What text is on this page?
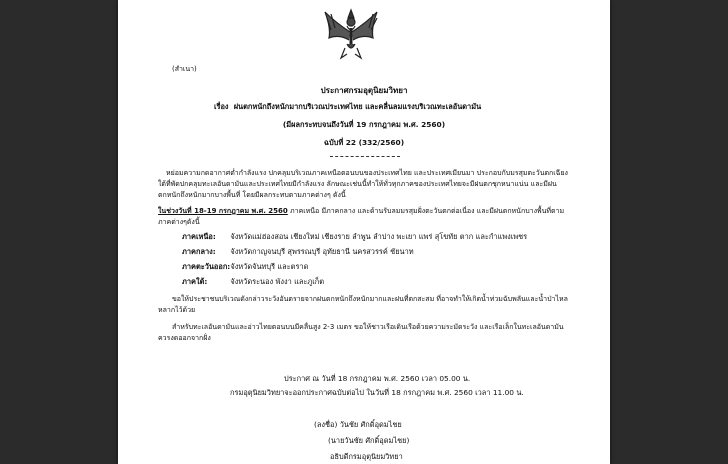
(สำเนา)
ประกาศกรมอุตุนิยมวิทยา
เรื่อง ฝนตกหนักถึงหนักมากบริเวณประเทศไทย และคลื่นลมแรงบริเวณทะเลอันดามัน
(มีผลกระทบจนถึงวันที่ 19 กรกฎาคม พ.ศ. 2560)
ฉบับที่ 22 (332/2560)
หย่อมความกดอากาศต่ำกำลังแรง ปกคลุมบริเวณภาคเหนือตอนบนของประเทศไทย และประเทศเมียนมา ประกอบกับมรสุมตะวันตกเฉียงใต้ที่พัดปกคลุมทะเลอันดามันและประเทศไทยมีกำลังแรง ลักษณะเช่นนี้ทำให้ทั่วทุกภาคของประเทศไทยจะมีฝนตกชุกหนาแน่น และมีฝนตกหนักถึงหนักมากบางพื้นที่ โดยมีผลกระทบตามภาคต่างๆ ดังนี้
ในช่วงวันที่ 18-19 กรกฎาคม พ.ศ. 2560 ภาคเหนือ มีภาคกลาง และด้านรับลมมรสุมฝั่งตะวันตกต่อเนื่อง และมีฝนตกหนักบางพื้นที่ตามภาคต่างๆดังนี้
ภาคเหนือ: จังหวัดแม่ฮ่องสอน เชียงใหม่ เชียงราย ลำพูน ลำปาง พะเยา แพร่ สุโขทัย ตาก และกำแพงเพชร
ภาคกลาง: จังหวัดกาญจนบุรี สุพรรณบุรี อุทัยธานี นครสวรรค์ ชัยนาท
ภาคตะวันออก: จังหวัดจันทบุรี และตราด
ภาคใต้:	จังหวัดระนอง พังงา และภูเก็ต
ขอให้ประชาชนบริเวณดังกล่าวระวังอันตรายจากฝนตกหนักถึงหนักมากและฝนที่ตกสะสม ที่อาจทำให้เกิดน้ำท่วมฉับพลันและน้ำป่าไหลหลากไว้ด้วย
สำหรับทะเลอันดามันและอ่าวไทยตอนบนมีคลื่นสูง 2-3 เมตร ขอให้ชาวเรือเดินเรือด้วยความระมัดระวัง และเรือเล็กในทะเลอันดามันควรงดออกจากฝั่ง
ประกาศ ณ วันที่ 18 กรกฎาคม พ.ศ. 2560 เวลา 05.00 น.
กรมอุตุนิยมวิทยาจะออกประกาศฉบับต่อไป ในวันที่ 18 กรกฎาคม พ.ศ. 2560 เวลา 11.00 น.
(ลงชื่อ) วันชัย ศักดิ์อุดมไชย
(นายวันชัย ศักดิ์อุดมไชย)
อธิบดีกรมอุตุนิยมวิทยา
